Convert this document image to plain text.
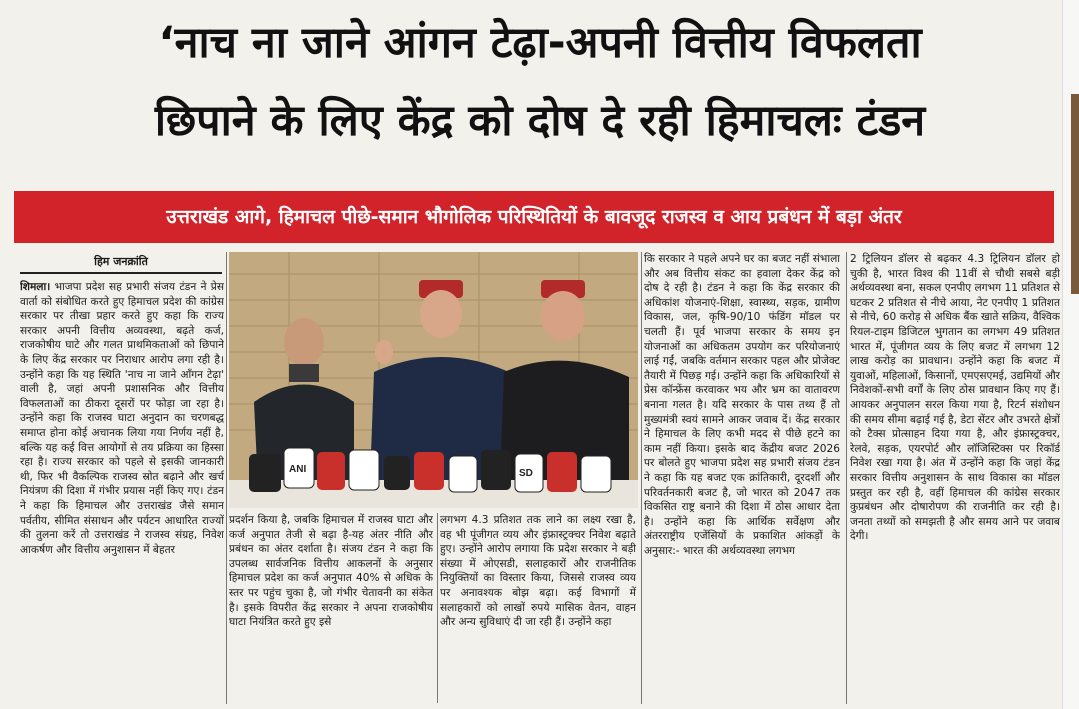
‘नाच ना जाने आंगन टेढ़ा-अपनी वित्तीय विफलता
छिपाने के लिए केंद्र को दोष दे रही हिमाचलः टंडन
उत्तराखंड आगे, हिमाचल पीछे-समान भौगोलिक परिस्थितियों के बावजूद राजस्व व आय प्रबंधन में बड़ा अंतर
हिम जनक्रांति
शिमला। भाजपा प्रदेश सह प्रभारी संजय टंडन ने प्रेस वार्ता को संबोधित करते हुए हिमाचल प्रदेश की कांग्रेस सरकार पर तीखा प्रहार करते हुए कहा कि राज्य सरकार अपनी वित्तीय अव्यवस्था, बढ़ते कर्ज, राजकोषीय घाटे और गलत प्राथमिकताओं को छिपाने के लिए केंद्र सरकार पर निराधार आरोप लगा रही है। उन्होंने कहा कि यह स्थिति 'नाच ना जाने आँगन टेढ़ा' वाली है, जहां अपनी प्रशासनिक और वित्तीय विफलताओं का ठीकरा दूसरों पर फोड़ा जा रहा है। उन्होंने कहा कि राजस्व घाटा अनुदान का चरणबद्ध समाप्त होना कोई अचानक लिया गया निर्णय नहीं है, बल्कि यह कई वित्त आयोगों से तय प्रक्रिया का हिस्सा रहा है। राज्य सरकार को पहले से इसकी जानकारी थी, फिर भी वैकल्पिक राजस्व स्रोत बढ़ाने और खर्च नियंत्रण की दिशा में गंभीर प्रयास नहीं किए गए। टंडन ने कहा कि हिमाचल और उत्तराखंड जैसे समान पर्वतीय, सीमित संसाधन और पर्यटन आधारित राज्यों की तुलना करें तो उत्तराखंड ने राजस्व संग्रह, निवेश आकर्षण और वित्तीय अनुशासन में बेहतर
ANI	SD
प्रदर्शन किया है, जबकि हिमाचल में राजस्व घाटा और कर्ज अनुपात तेजी से बढ़ा है-यह अंतर नीति और प्रबंधन का अंतर दर्शाता है। संजय टंडन ने कहा कि उपलब्ध सार्वजनिक वित्तीय आकलनों के अनुसार हिमाचल प्रदेश का कर्ज अनुपात 40% से अधिक के स्तर पर पहुंच चुका है, जो गंभीर चेतावनी का संकेत है। इसके विपरीत केंद्र सरकार ने अपना राजकोषीय घाटा नियंत्रित करते हुए इसे
लगभग 4.3 प्रतिशत तक लाने का लक्ष्य रखा है, वह भी पूंजीगत व्यय और इंफ्रास्ट्रक्चर निवेश बढ़ाते हुए। उन्होंने आरोप लगाया कि प्रदेश सरकार ने बड़ी संख्या में ओएसडी, सलाहकारों और राजनीतिक नियुक्तियों का विस्तार किया, जिससे राजस्व व्यय पर अनावश्यक बोझ बढ़ा। कई विभागों में सलाहकारों को लाखों रुपये मासिक वेतन, वाहन और अन्य सुविधाएं दी जा रही हैं। उन्होंने कहा
कि सरकार ने पहले अपने घर का बजट नहीं संभाला और अब वित्तीय संकट का हवाला देकर केंद्र को दोष दे रही है। टंडन ने कहा कि केंद्र सरकार की अधिकांश योजनाएं-शिक्षा, स्वास्थ्य, सड़क, ग्रामीण विकास, जल, कृषि-90/10 फंडिंग मॉडल पर चलती हैं। पूर्व भाजपा सरकार के समय इन योजनाओं का अधिकतम उपयोग कर परियोजनाएं लाई गईं, जबकि वर्तमान सरकार पहल और प्रोजेक्ट तैयारी में पिछड़ गई। उन्होंने कहा कि अधिकारियों से प्रेस कॉन्फ्रेंस करवाकर भय और भ्रम का वातावरण बनाना गलत है। यदि सरकार के पास तथ्य हैं तो मुख्यमंत्री स्वयं सामने आकर जवाब दें। केंद्र सरकार ने हिमाचल के लिए कभी मदद से पीछे हटने का काम नहीं किया। इसके बाद केंद्रीय बजट 2026 पर बोलते हुए भाजपा प्रदेश सह प्रभारी संजय टंडन ने कहा कि यह बजट एक क्रांतिकारी, दूरदर्शी और परिवर्तनकारी बजट है, जो भारत को 2047 तक विकसित राष्ट्र बनाने की दिशा में ठोस आधार देता है। उन्होंने कहा कि आर्थिक सर्वेक्षण और अंतरराष्ट्रीय एजेंसियों के प्रकाशित आंकड़ों के अनुसार:- भारत की अर्थव्यवस्था लगभग
2 ट्रिलियन डॉलर से बढ़कर 4.3 ट्रिलियन डॉलर हो चुकी है, भारत विश्व की 11वीं से चौथी सबसे बड़ी अर्थव्यवस्था बना, सकल एनपीए लगभग 11 प्रतिशत से घटकर 2 प्रतिशत से नीचे आया, नेट एनपीए 1 प्रतिशत से नीचे, 60 करोड़ से अधिक बैंक खाते सक्रिय, वैश्विक रियल-टाइम डिजिटल भुगतान का लगभग 49 प्रतिशत भारत में, पूंजीगत व्यय के लिए बजट में लगभग 12 लाख करोड़ का प्रावधान। उन्होंने कहा कि बजट में युवाओं, महिलाओं, किसानों, एमएसएमई, उद्यमियों और निवेशकों-सभी वर्गों के लिए ठोस प्रावधान किए गए हैं। आयकर अनुपालन सरल किया गया है, रिटर्न संशोधन की समय सीमा बढ़ाई गई है, डेटा सेंटर और उभरते क्षेत्रों को टैक्स प्रोत्साहन दिया गया है, और इंफ्रास्ट्रक्चर, रेलवे, सड़क, एयरपोर्ट और लॉजिस्टिक्स पर रिकॉर्ड निवेश रखा गया है। अंत में उन्होंने कहा कि जहां केंद्र सरकार वित्तीय अनुशासन के साथ विकास का मॉडल प्रस्तुत कर रही है, वहीं हिमाचल की कांग्रेस सरकार कुप्रबंधन और दोषारोपण की राजनीति कर रही है। जनता तथ्यों को समझती है और समय आने पर जवाब देगी।
